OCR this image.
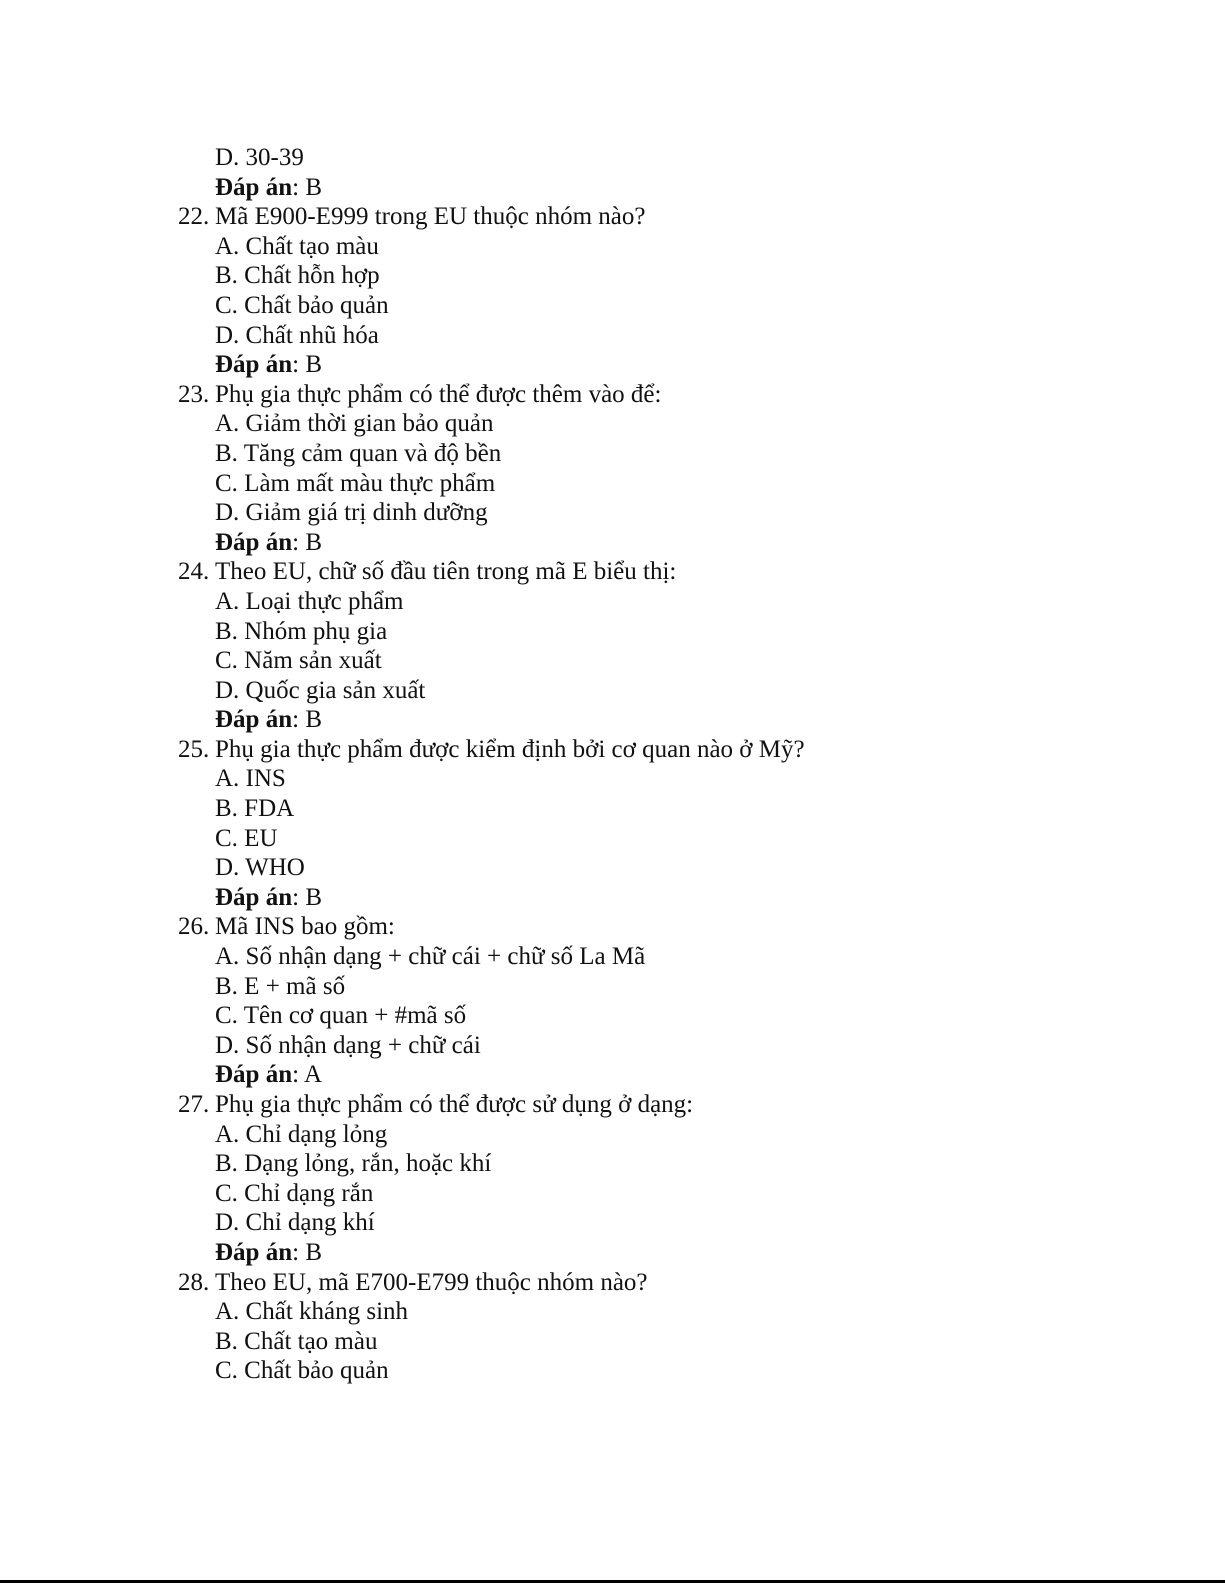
D. 30-39
Đáp án: B
22. Mã E900-E999 trong EU thuộc nhóm nào?
A. Chất tạo màu
B. Chất hỗn hợp
C. Chất bảo quản
D. Chất nhũ hóa
Đáp án: B
23. Phụ gia thực phẩm có thể được thêm vào để:
A. Giảm thời gian bảo quản
B. Tăng cảm quan và độ bền
C. Làm mất màu thực phẩm
D. Giảm giá trị dinh dưỡng
Đáp án: B
24. Theo EU, chữ số đầu tiên trong mã E biểu thị:
A. Loại thực phẩm
B. Nhóm phụ gia
C. Năm sản xuất
D. Quốc gia sản xuất
Đáp án: B
25. Phụ gia thực phẩm được kiểm định bởi cơ quan nào ở Mỹ?
A. INS
B. FDA
C. EU
D. WHO
Đáp án: B
26. Mã INS bao gồm:
A. Số nhận dạng + chữ cái + chữ số La Mã
B. E + mã số
C. Tên cơ quan + #mã số
D. Số nhận dạng + chữ cái
Đáp án: A
27. Phụ gia thực phẩm có thể được sử dụng ở dạng:
A. Chỉ dạng lỏng
B. Dạng lỏng, rắn, hoặc khí
C. Chỉ dạng rắn
D. Chỉ dạng khí
Đáp án: B
28. Theo EU, mã E700-E799 thuộc nhóm nào?
A. Chất kháng sinh
B. Chất tạo màu
C. Chất bảo quản
